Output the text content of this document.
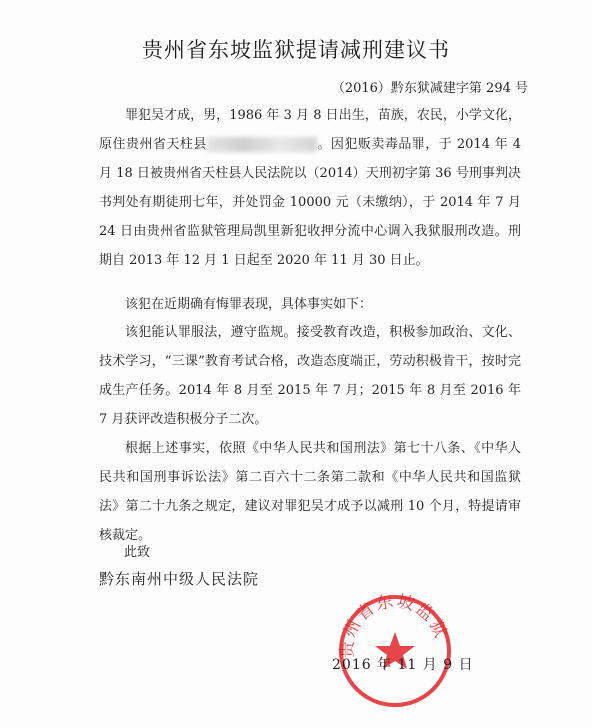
贵州省东坡监狱提请减刑建议书
（2016）黔东狱减建字第 294 号

罪犯吴才成，男，1986 年 3 月 8 日出生，苗族，农民，小学文化，原住贵州省天柱县	。因犯贩卖毒品罪，于 2014 年 4 月 18 日被贵州省天柱县人民法院以（2014）天刑初字第 36 号刑事判决书判处有期徒刑七年，并处罚金 10000 元（未缴纳），于 2014 年 7 月 24 日由贵州省监狱管理局凯里新犯收押分流中心调入我狱服刑改造。刑期自 2013 年 12 月 1 日起至 2020 年 11 月 30 日止。

该犯在近期确有悔罪表现，具体事实如下：

该犯能认罪服法，遵守监规。接受教育改造，积极参加政治、文化、技术学习，“三课”教育考试合格，改造态度端正，劳动积极肯干，按时完成生产任务。2014 年 8 月至 2015 年 7 月；2015 年 8 月至 2016 年 7 月获评改造积极分子二次。

根据上述事实，依照《中华人民共和国刑法》第七十八条、《中华人民共和国刑事诉讼法》第二百六十二条第二款和《中华人民共和国监狱法》第二十九条之规定，建议对罪犯吴才成予以减刑 10 个月，特提请审核裁定。

此致
黔东南州中级人民法院
贵州省东坡监狱
2016 年 11 月 9 日
